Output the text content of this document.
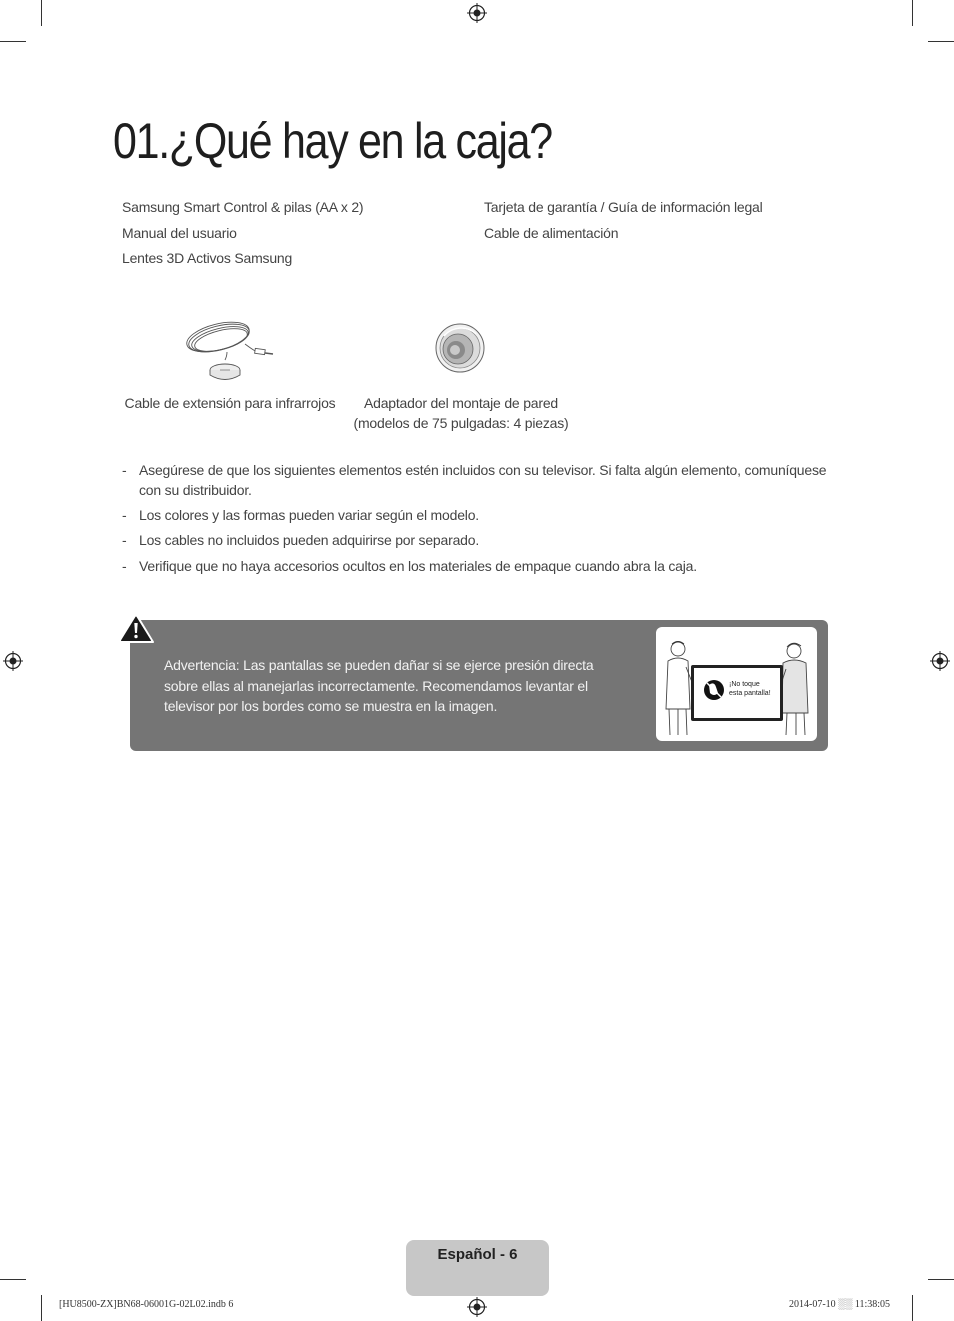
01.¿Qué hay en la caja?
Samsung Smart Control & pilas (AA x 2)
Manual del usuario
Lentes 3D Activos Samsung
Tarjeta de garantía / Guía de información legal
Cable de alimentación
Cable de extensión para infrarrojos	Adaptador del montaje de pared
(modelos de 75 pulgadas: 4 piezas)
- Asegúrese de que los siguientes elementos estén incluidos con su televisor. Si falta algún elemento, comuníquese con su distribuidor.
- Los colores y las formas pueden variar según el modelo.
- Los cables no incluidos pueden adquirirse por separado.
- Verifique que no haya accesorios ocultos en los materiales de empaque cuando abra la caja.
Advertencia: Las pantallas se pueden dañar si se ejerce presión directa sobre ellas al manejarlas incorrectamente. Recomendamos levantar el televisor por los bordes como se muestra en la imagen.
¡No toque
esta pantalla!
Español - 6
[HU8500-ZX]BN68-06001G-02L02.indb 6	2014-07-10 ░░ 11:38:05
